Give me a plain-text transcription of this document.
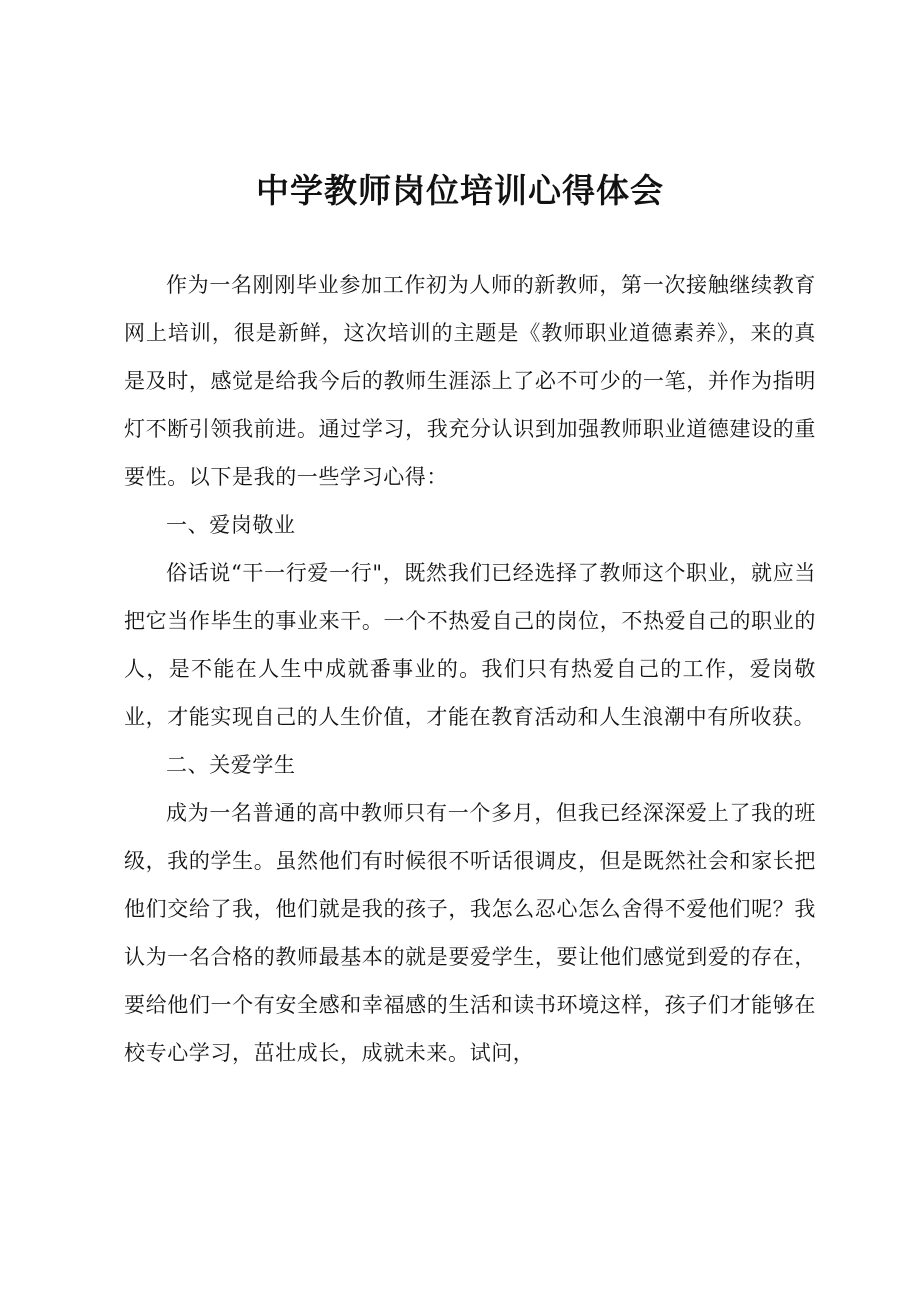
中学教师岗位培训心得体会

作为一名刚刚毕业参加工作初为人师的新教师，第一次接触继续教育网上培训，很是新鲜，这次培训的主题是《教师职业道德素养》，来的真是及时，感觉是给我今后的教师生涯添上了必不可少的一笔，并作为指明灯不断引领我前进。通过学习，我充分认识到加强教师职业道德建设的重要性。以下是我的一些学习心得：

一、爱岗敬业

俗话说“干一行爱一行"，既然我们已经选择了教师这个职业，就应当把它当作毕生的事业来干。一个不热爱自己的岗位，不热爱自己的职业的人，是不能在人生中成就番事业的。我们只有热爱自己的工作，爱岗敬业，才能实现自己的人生价值，才能在教育活动和人生浪潮中有所收获。

二、关爱学生

成为一名普通的高中教师只有一个多月，但我已经深深爱上了我的班级，我的学生。虽然他们有时候很不听话很调皮，但是既然社会和家长把他们交给了我，他们就是我的孩子，我怎么忍心怎么舍得不爱他们呢？我认为一名合格的教师最基本的就是要爱学生，要让他们感觉到爱的存在，要给他们一个有安全感和幸福感的生活和读书环境这样，孩子们才能够在校专心学习，茁壮成长，成就未来。试问，
